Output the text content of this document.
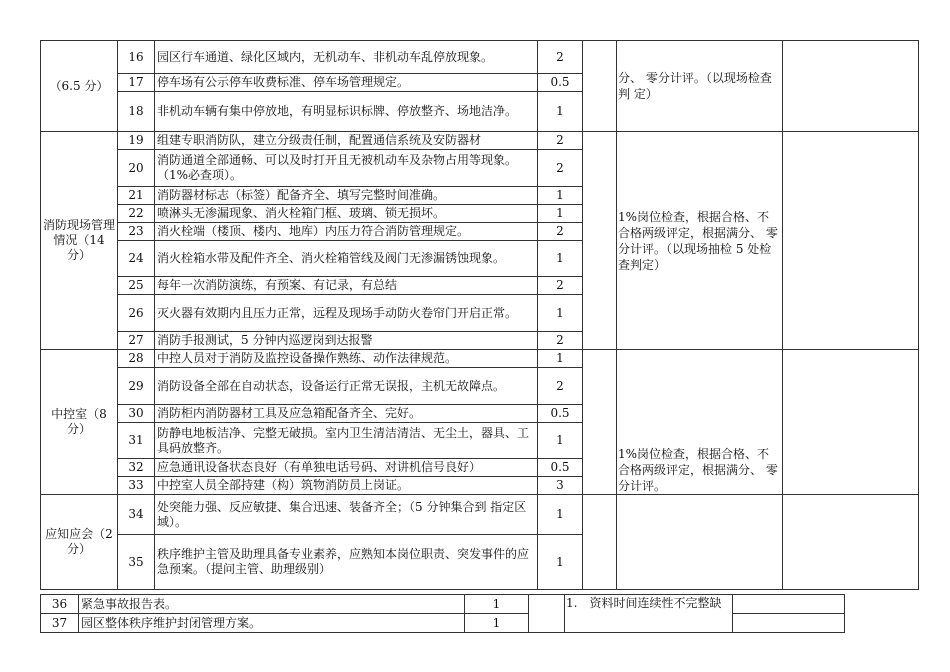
（6.5 分）	16	园区行车通道、绿化区域内，无机动车、非机动车乱停放现象。	2		分、 零分计评。（以现场检查判 定）	
	17	停车场有公示停车收费标准、停车场管理规定。	0.5			
	18	非机动车辆有集中停放地，有明显标识标牌、停放整齐、场地洁净。	1			
消防现场管理情况（14 分）	19	组建专职消防队，建立分级责任制，配置通信系统及安防器材	2		1%岗位检查，根据合格、不合格两级评定，根据满分、 零分计评。（以现场抽检 5 处检查判定）	
	20	消防通道全部通畅、可以及时打开且无被机动车及杂物占用等现象。（1%必查项）。	2			
	21	消防器材标志（标签）配备齐全、填写完整时间准确。	1			
	22	喷淋头无渗漏现象、消火栓箱门框、玻璃、锁无损坏。	1			
	23	消火栓端（楼顶、楼内、地库）内压力符合消防管理规定。	2			
	24	消火栓箱水带及配件齐全、消火栓箱管线及阀门无渗漏锈蚀现象。	1			
	25	每年一次消防演练，有预案、有记录，有总结	2			
	26	灭火器有效期内且压力正常，远程及现场手动防火卷帘门开启正常。	1			
	27	消防手报测试，5 分钟内巡逻岗到达报警	2			
中控室（8 分）	28	中控人员对于消防及监控设备操作熟练、动作法律规范。	1		1%岗位检查，根据合格、不合格两级评定，根据满分、 零分计评。	
	29	消防设备全部在自动状态，设备运行正常无误报，主机无故障点。	2			
	30	消防柜内消防器材工具及应急箱配备齐全、完好。	0.5			
	31	防静电地板洁净、完整无破损。室内卫生清洁清洁、无尘土，器具、工具码放整齐。	1			
	32	应急通讯设备状态良好（有单独电话号码、对讲机信号良好）	0.5			
	33	中控室人员全部持建（构）筑物消防员上岗证。	3			
应知应会（2分）	34	处突能力强、反应敏捷、集合迅速、装备齐全；（5 分钟集合到 指定区域）。	1			
	35	秩序维护主管及助理具备专业素养，应熟知本岗位职责、突发事件的应急预案。（提问主管、助理级别）	1			
36	紧急事故报告表。	1		1.　资料时间连续性不完整缺	
37	园区整体秩序维护封闭管理方案。	1			
